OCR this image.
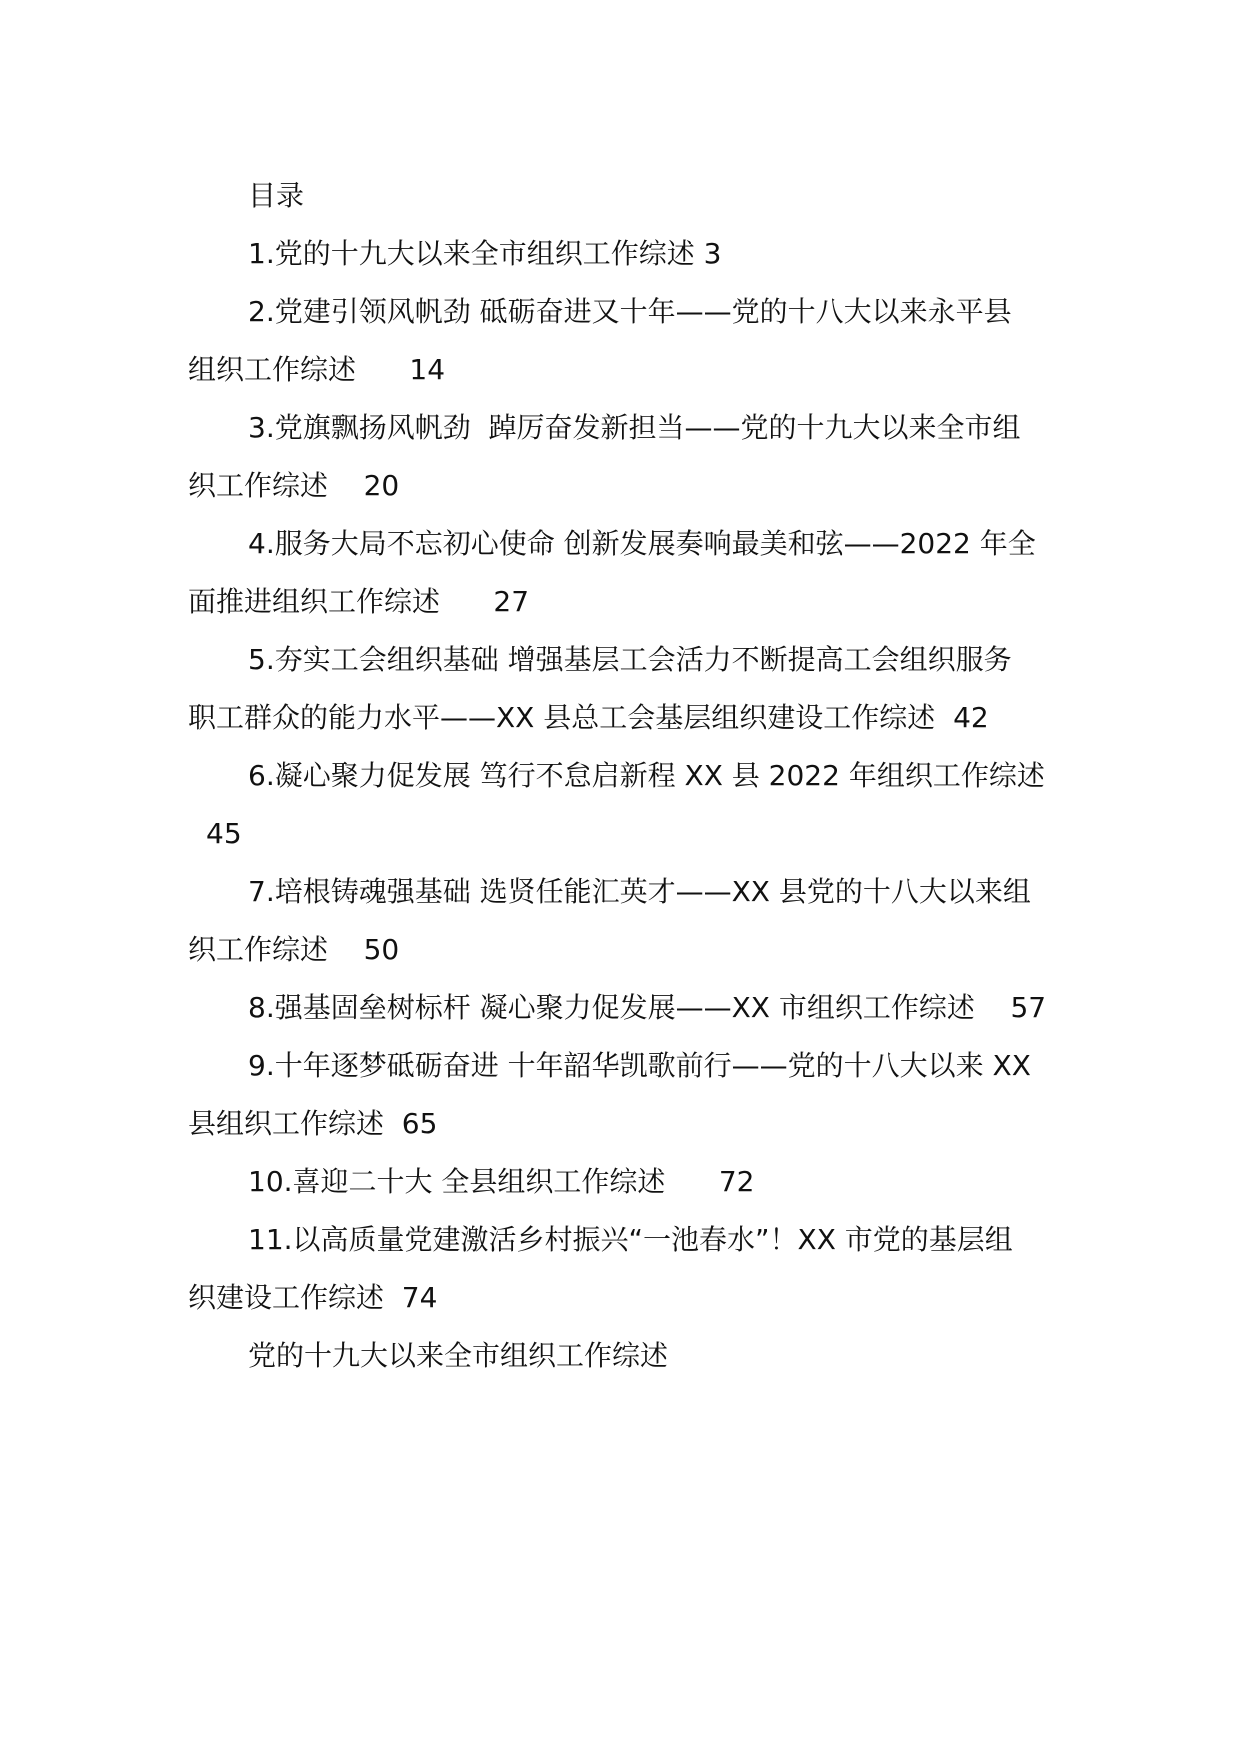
目录
1.党的十九大以来全市组织工作综述 3
2.党建引领风帆劲 砥砺奋进又十年——党的十八大以来永平县
组织工作综述      14
3.党旗飘扬风帆劲  踔厉奋发新担当——党的十九大以来全市组
织工作综述    20
4.服务大局不忘初心使命 创新发展奏响最美和弦——2022 年全
面推进组织工作综述      27
5.夯实工会组织基础 增强基层工会活力不断提高工会组织服务
职工群众的能力水平——XX 县总工会基层组织建设工作综述  42
6.凝心聚力促发展 笃行不怠启新程 XX 县 2022 年组织工作综述
45
7.培根铸魂强基础 选贤任能汇英才——XX 县党的十八大以来组
织工作综述    50
8.强基固垒树标杆 凝心聚力促发展——XX 市组织工作综述    57
9.十年逐梦砥砺奋进 十年韶华凯歌前行——党的十八大以来 XX
县组织工作综述  65
10.喜迎二十大 全县组织工作综述      72
11.以高质量党建激活乡村振兴“一池春水”！XX 市党的基层组
织建设工作综述  74
党的十九大以来全市组织工作综述
